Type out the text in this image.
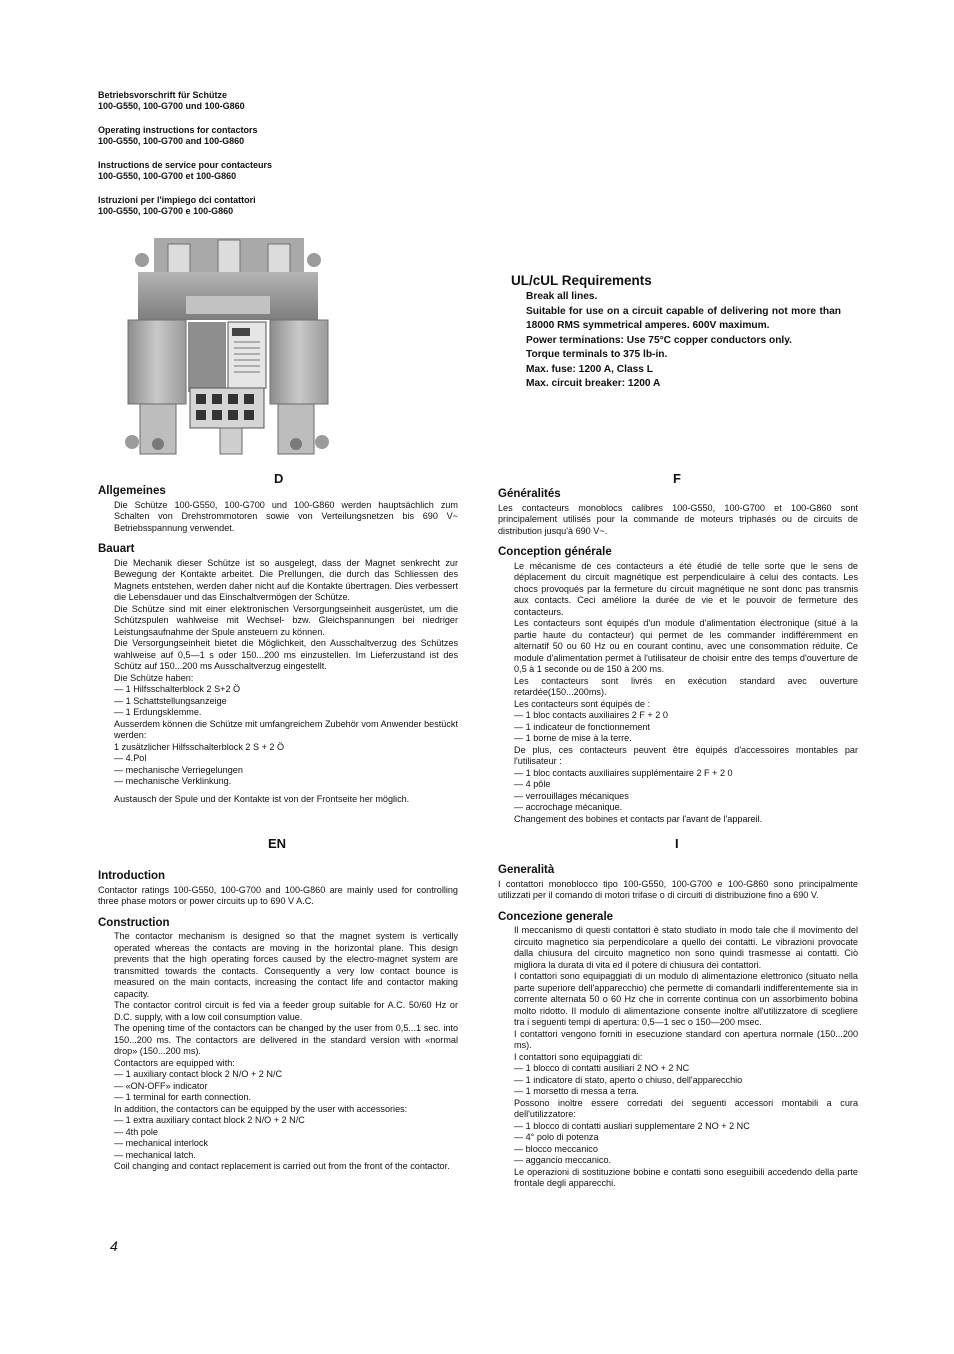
Betriebsvorschrift für Schütze
100-G550, 100-G700 und 100-G860
Operating instructions for contactors
100-G550, 100-G700 and 100-G860
Instructions de service pour contacteurs
100-G550, 100-G700 et 100-G860
Istruzioni per l'impiego dci contattori
100-G550, 100-G700 e 100-G860
UL/cUL Requirements

Break all lines.

Suitable for use on a circuit capable of delivering not more than 18000 RMS symmetrical amperes. 600V maximum.

Power terminations: Use 75°C copper conductors only.

Torque terminals to 375 lb-in.

Max. fuse: 1200 A, Class L

Max. circuit breaker: 1200 A

D	F
EN	I
Allgemeines

Die Schütze 100-G550, 100-G700 und 100-G860 werden hauptsächlich zum Schalten von Drehstrommotoren sowie von Verteilungsnetzen bis 690 V~ Betriebsspannung verwendet.

Bauart

Die Mechanik dieser Schütze ist so ausgelegt, dass der Magnet senkrecht zur Bewegung der Kontakte arbeitet. Die Prellungen, die durch das Schliessen des Magnets entstehen, werden daher nicht auf die Kontakte übertragen. Dies verbessert die Lebensdauer und das Einschaltvermögen der Schütze.

Die Schütze sind mit einer elektronischen Versorgungseinheit ausgerüstet, um die Schützspulen wahlweise mit Wechsel- bzw. Gleichspannungen bei niedriger Leistungsaufnahme der Spule ansteuern zu können.

Die Versorgungseinheit bietet die Möglichkeit, den Ausschaltverzug des Schützes wahlweise auf 0,5—1 s oder 150...200 ms einzustellen. Im Lieferzustand ist des Schütz auf 150...200 ms Ausschaltverzug eingestellt.

Die Schütze haben:

— 1 Hilfsschalterblock 2 S+2 Ö

— 1 Schattstellungsanzeige

— 1 Erdungsklemme.

Ausserdem können die Schütze mit umfangreichem Zubehör vom Anwender bestückt werden:

1 zusätzlicher Hilfsschalterblock 2 S + 2 Ö

— 4.Pol

— mechanische Verriegelungen

— mechanische Verklinkung.

Austausch der Spule und der Kontakte ist von der Frontseite her möglich.

Généralités

Les contacteurs monoblocs calibres 100-G550, 100-G700 et 100-G860 sont principalement utilisés pour la commande de moteurs triphasés ou de circuits de distribution jusqu'à 690 V~.

Conception générale

Le mécanisme de ces contacteurs a été étudié de telle sorte que le sens de déplacement du circuit magnétique est perpendiculaire à celui des contacts. Les chocs provoqués par la fermeture du circuit magnétique ne sont donc pas transmis aux contacts. Ceci améliore la durée de vie et le pouvoir de fermeture des contacteurs.

Les contacteurs sont équipés d'un module d'alimentation électronique (situé à la partie haute du contacteur) qui permet de les commander indifféremment en alternatif 50 ou 60 Hz ou en courant continu, avec une consommation réduite. Ce module d'alimentation permet à l'utilisateur de choisir entre des temps d'ouverture de 0,5 à 1 seconde ou de 150 à 200 ms.

Les contacteurs sont livrés en exécution standard avec ouverture retardée(150...200ms).

Les contacteurs sont équipés de :

— 1 bloc contacts auxiliaires 2 F + 2 0

— 1 indicateur de fonctionnement

— 1 borne de mise à la terre.

De plus, ces contacteurs peuvent être équipés d'accessoires montables par l'utilisateur :

— 1 bloc contacts auxiliaires supplémentaire 2 F + 2 0

— 4 pôle

— verrouillages mécaniques

— accrochage mécanique.

Changement des bobines et contacts par l'avant de l'appareil.

Introduction

Contactor ratings 100-G550, 100-G700 and 100-G860 are mainly used for controlling three phase motors or power circuits up to 690 V A.C.

Construction

The contactor mechanism is designed so that the magnet system is vertically operated whereas the contacts are moving in the horizontal plane. This design prevents that the high operating forces caused by the electro-magnet system are transmitted towards the contacts. Consequently a very low contact bounce is measured on the main contacts, increasing the contact life and contactor making capacity.

The contactor control circuit is fed via a feeder group suitable for A.C. 50/60 Hz or D.C. supply, with a low coil consumption value.

The opening time of the contactors can be changed by the user from 0,5...1 sec. into 150...200 ms. The contactors are delivered in the standard version with «normal drop» (150...200 ms).

Contactors are equipped with:

— 1 auxiliary contact block 2 N/O + 2 N/C

— «ON-OFF» indicator

— 1 terminal for earth connection.

In addition, the contactors can be equipped by the user with accessories:

— 1 extra auxiliary contact block 2 N/O + 2 N/C

— 4th pole

— mechanical interlock

— mechanical latch.

Coil changing and contact replacement is carried out from the front of the contactor.

Generalità

I contattori monoblocco tipo 100-G550, 100-G700 e 100-G860 sono principalmente utilizzati per il comando di motori trifase o di circuiti di distribuzione fino a 690 V.

Concezione generale

Il meccanismo di questi contattori è stato studiato in modo tale che il movimento del circuito magnetico sia perpendicolare a quello dei contatti. Le vibrazioni provocate dalla chiusura del circuito magnetico non sono quindi trasmesse ai contatti. Ciò migliora la durata di vita ed il potere di chiusura dei contattori.

I contattori sono equipaggiati di un modulo di alimentazione elettronico (situato nella parte superiore dell'apparecchio) che permette di comandarli indifferentemente sia in corrente alternata 50 o 60 Hz che in corrente continua con un assorbimento bobina molto ridotto. Il modulo di alimentazione consente inoltre all'utilizzatore di scegliere tra i seguenti tempi di apertura: 0,5—1 sec o 150—200 msec.

I contattori vengono forniti in esecuzione standard con apertura normale (150...200 ms).

I contattori sono equipaggiati di:

— 1 blocco di contatti ausiliari 2 NO + 2 NC

— 1 indicatore di stato, aperto o chiuso, dell'apparecchio

— 1 morsetto di messa a terra.

Possono inoltre essere corredati dei seguenti accessori montabili a cura dell'utilizzatore:

— 1 blocco di contatti ausliari supplementare 2 NO + 2 NC

— 4° polo di potenza

— blocco meccanico

— aggancio meccanico.

Le operazioni di sostituzione bobine e contatti sono eseguibili accedendo della parte frontale degli apparecchi.

4
